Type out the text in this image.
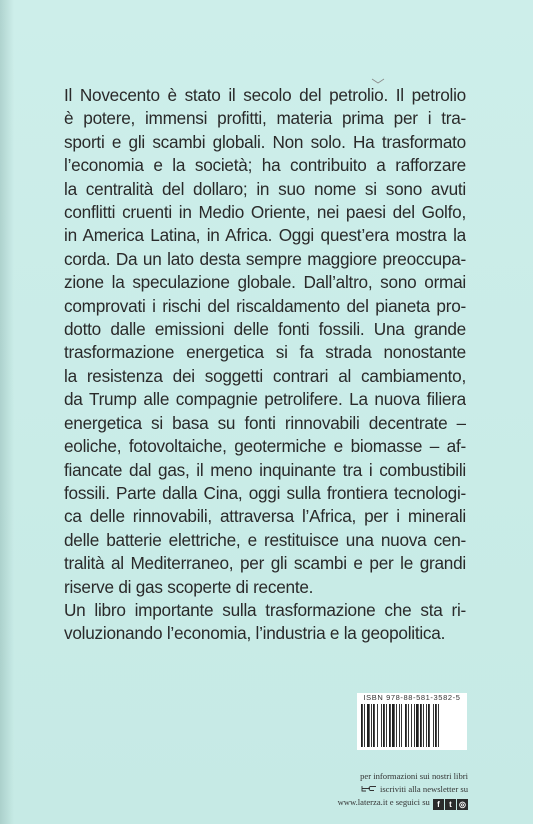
Il Novecento è stato il secolo del petrolio. Il petrolio
è potere, immensi profitti, materia prima per i tra-
sporti e gli scambi globali. Non solo. Ha trasformato
l’economia e la società; ha contribuito a rafforzare
la centralità del dollaro; in suo nome si sono avuti
conflitti cruenti in Medio Oriente, nei paesi del Golfo,
in America Latina, in Africa. Oggi quest’era mostra la
corda. Da un lato desta sempre maggiore preoccupa-
zione la speculazione globale. Dall’altro, sono ormai
comprovati i rischi del riscaldamento del pianeta pro-
dotto dalle emissioni delle fonti fossili. Una grande
trasformazione energetica si fa strada nonostante
la resistenza dei soggetti contrari al cambiamento,
da Trump alle compagnie petrolifere. La nuova filiera
energetica si basa su fonti rinnovabili decentrate –
eoliche, fotovoltaiche, geotermiche e biomasse – af-
fiancate dal gas, il meno inquinante tra i combustibili
fossili. Parte dalla Cina, oggi sulla frontiera tecnologi-
ca delle rinnovabili, attraversa l’Africa, per i minerali
delle batterie elettriche, e restituisce una nuova cen-
tralità al Mediterraneo, per gli scambi e per le grandi
riserve di gas scoperte di recente.
Un libro importante sulla trasformazione che sta ri-
voluzionando l’economia, l’industria e la geopolitica.
ISBN 978-88-581-3582-5
per informazioni sui nostri libri
iscriviti alla newsletter su
www.laterza.it e seguici su f t ◎
